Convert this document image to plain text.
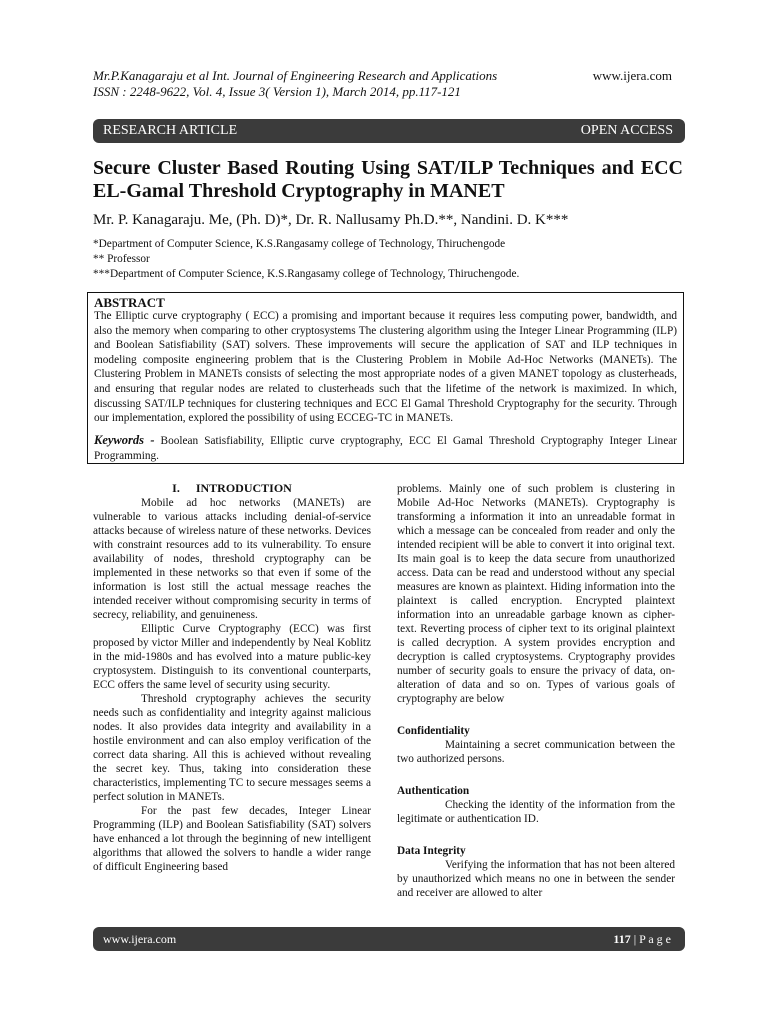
Mr.P.Kanagaraju et al Int. Journal of Engineering Research and Applications
ISSN : 2248-9622, Vol. 4, Issue 3( Version 1), March 2014, pp.117-121
www.ijera.com
RESEARCH ARTICLE	OPEN ACCESS
Secure Cluster Based Routing Using SAT/ILP Techniques and ECC EL-Gamal Threshold Cryptography in MANET
Mr. P. Kanagaraju. Me, (Ph. D)*, Dr. R. Nallusamy Ph.D.**, Nandini. D. K***
*Department of Computer Science, K.S.Rangasamy college of Technology, Thiruchengode
** Professor
***Department of Computer Science, K.S.Rangasamy college of Technology, Thiruchengode.
ABSTRACT
The Elliptic curve cryptography ( ECC) a promising and important because it requires less computing power, bandwidth, and also the memory when comparing to other cryptosystems The clustering algorithm using the Integer Linear Programming (ILP) and Boolean Satisfiability (SAT) solvers. These improvements will secure the application of SAT and ILP techniques in modeling composite engineering problem that is the Clustering Problem in Mobile Ad-Hoc Networks (MANETs). The Clustering Problem in MANETs consists of selecting the most appropriate nodes of a given MANET topology as clusterheads, and ensuring that regular nodes are related to clusterheads such that the lifetime of the network is maximized. In which, discussing SAT/ILP techniques for clustering techniques and ECC El Gamal Threshold Cryptography for the security. Through our implementation, explored the possibility of using ECCEG-TC in MANETs.
Keywords - Boolean Satisfiability, Elliptic curve cryptography, ECC El Gamal Threshold Cryptography Integer Linear Programming.
I. INTRODUCTION

Mobile ad hoc networks (MANETs) are vulnerable to various attacks including denial-of-service attacks because of wireless nature of these networks. Devices with constraint resources add to its vulnerability. To ensure availability of nodes, threshold cryptography can be implemented in these networks so that even if some of the information is lost still the actual message reaches the intended receiver without compromising security in terms of secrecy, reliability, and genuineness.

Elliptic Curve Cryptography (ECC) was first proposed by victor Miller and independently by Neal Koblitz in the mid-1980s and has evolved into a mature public-key cryptosystem. Distinguish to its conventional counterparts, ECC offers the same level of security using security.

Threshold cryptography achieves the security needs such as confidentiality and integrity against malicious nodes. It also provides data integrity and availability in a hostile environment and can also employ verification of the correct data sharing. All this is achieved without revealing the secret key. Thus, taking into consideration these characteristics, implementing TC to secure messages seems a perfect solution in MANETs.

For the past few decades, Integer Linear Programming (ILP) and Boolean Satisfiability (SAT) solvers have enhanced a lot through the beginning of new intelligent algorithms that allowed the solvers to handle a wider range of difficult Engineering based

problems. Mainly one of such problem is clustering in Mobile Ad-Hoc Networks (MANETs). Cryptography is transforming a information it into an unreadable format in which a message can be concealed from reader and only the intended recipient will be able to convert it into original text. Its main goal is to keep the data secure from unauthorized access. Data can be read and understood without any special measures are known as plaintext. Hiding information into the plaintext is called encryption. Encrypted plaintext information into an unreadable garbage known as cipher-text. Reverting process of cipher text to its original plaintext is called decryption. A system provides encryption and decryption is called cryptosystems. Cryptography provides number of security goals to ensure the privacy of data, on-alteration of data and so on. Types of various goals of cryptography are below
Confidentiality
Maintaining a secret communication between the two authorized persons.
Authentication
Checking the identity of the information from the legitimate or authentication ID.
Data Integrity
Verifying the information that has not been altered by unauthorized which means no one in between the sender and receiver are allowed to alter
www.ijera.com	117 | P a g e
